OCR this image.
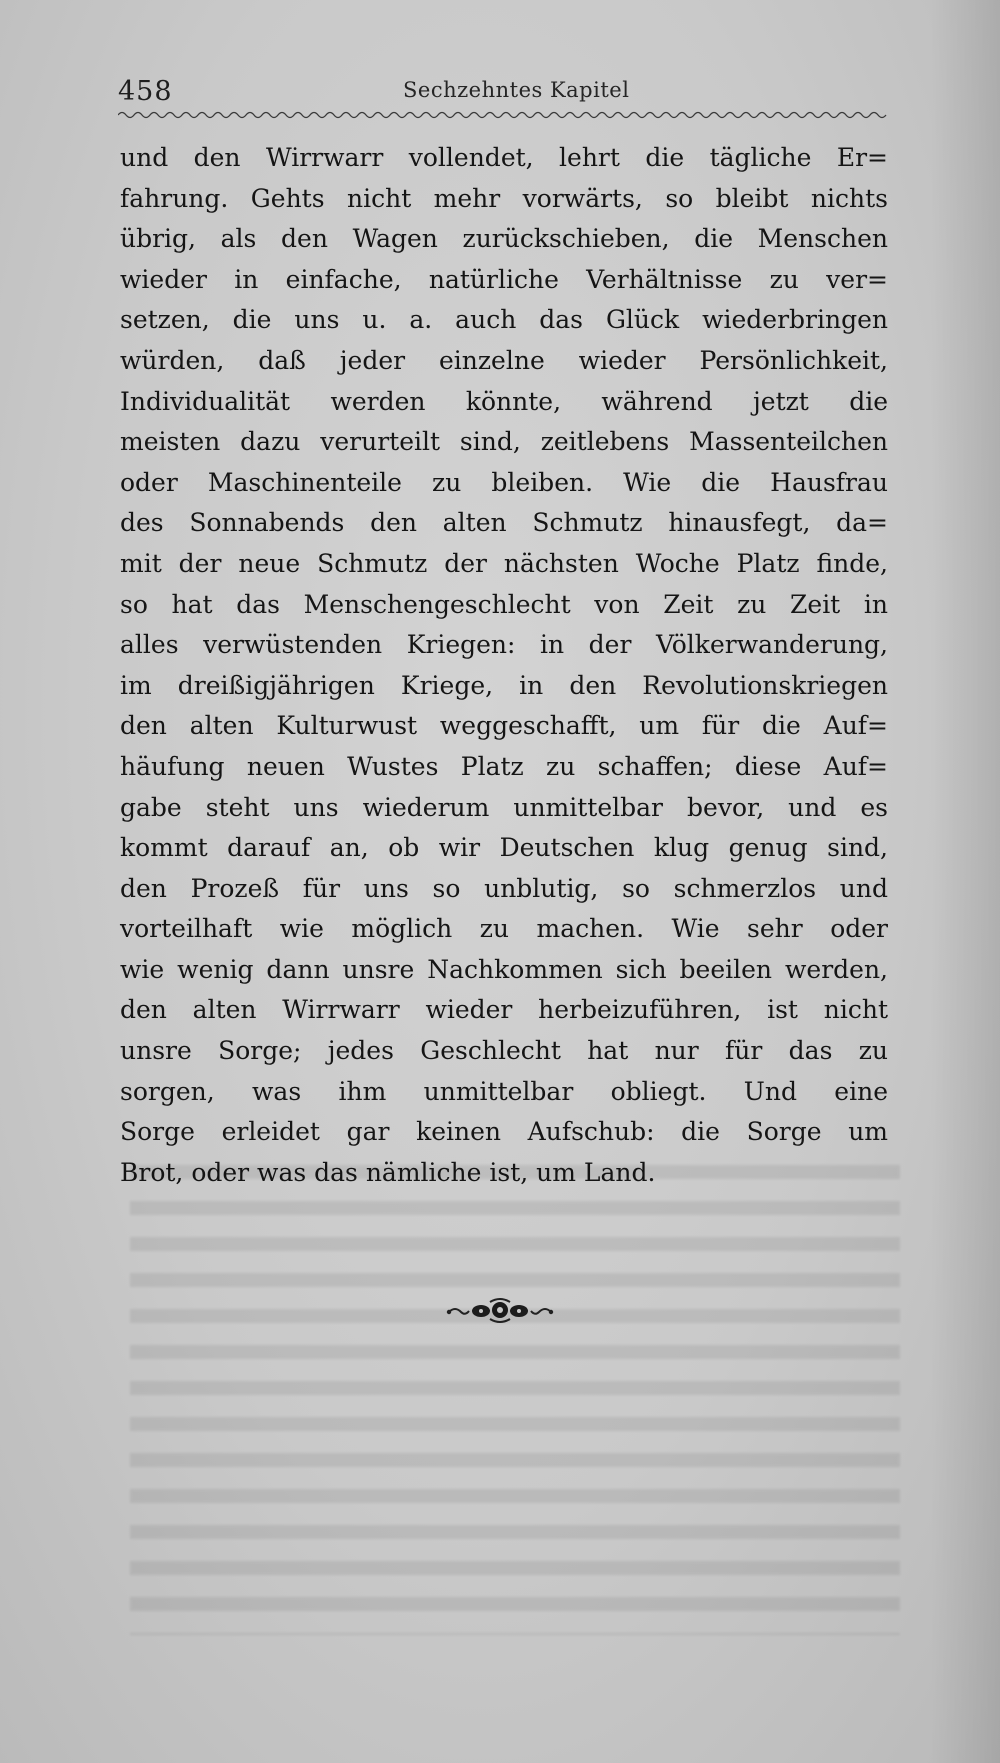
458	Sechzehntes Kapitel
und den Wirrwarr vollendet, lehrt die tägliche Er=
fahrung. Gehts nicht mehr vorwärts, so bleibt nichts
übrig, als den Wagen zurückschieben, die Menschen
wieder in einfache, natürliche Verhältnisse zu ver=
setzen, die uns u. a. auch das Glück wiederbringen
würden, daß jeder einzelne wieder Persönlichkeit,
Individualität werden könnte, während jetzt die
meisten dazu verurteilt sind, zeitlebens Massenteilchen
oder Maschinenteile zu bleiben. Wie die Hausfrau
des Sonnabends den alten Schmutz hinausfegt, da=
mit der neue Schmutz der nächsten Woche Platz finde,
so hat das Menschengeschlecht von Zeit zu Zeit in
alles verwüstenden Kriegen: in der Völkerwanderung,
im dreißigjährigen Kriege, in den Revolutionskriegen
den alten Kulturwust weggeschafft, um für die Auf=
häufung neuen Wustes Platz zu schaffen; diese Auf=
gabe steht uns wiederum unmittelbar bevor, und es
kommt darauf an, ob wir Deutschen klug genug sind,
den Prozeß für uns so unblutig, so schmerzlos und
vorteilhaft wie möglich zu machen. Wie sehr oder
wie wenig dann unsre Nachkommen sich beeilen werden,
den alten Wirrwarr wieder herbeizuführen, ist nicht
unsre Sorge; jedes Geschlecht hat nur für das zu
sorgen, was ihm unmittelbar obliegt. Und eine
Sorge erleidet gar keinen Aufschub: die Sorge um
Brot, oder was das nämliche ist, um Land.
